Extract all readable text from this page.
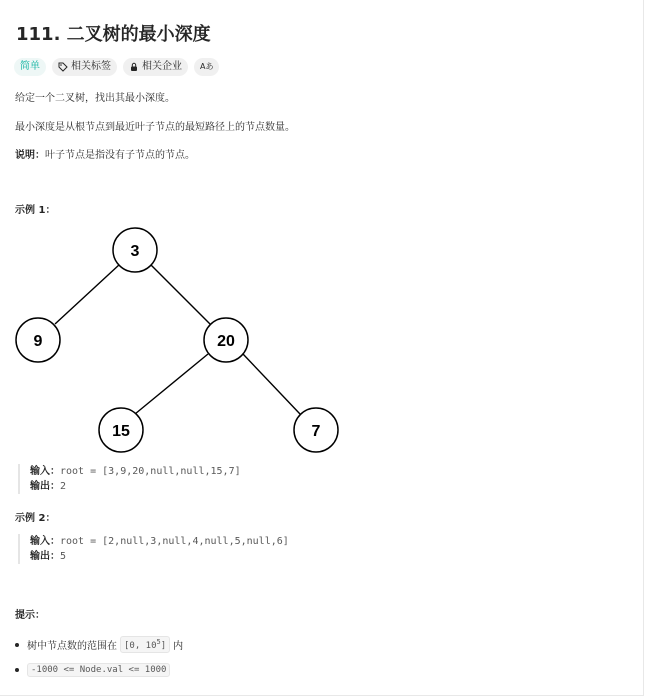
111. 二叉树的最小深度
简单	相关标签	相关企业 Aあ
给定一个二叉树，找出其最小深度。
最小深度是从根节点到最近叶子节点的最短路径上的节点数量。
说明：叶子节点是指没有子节点的节点。
示例 1：
3
9	20
15	7
输入：root = [3,9,20,null,null,15,7]
输出：2
示例 2：
输入：root = [2,null,3,null,4,null,5,null,6]
输出：5
提示：
树中节点数的范围在 [0, $10^5$] 内
-1000 <= Node.val <= 1000
